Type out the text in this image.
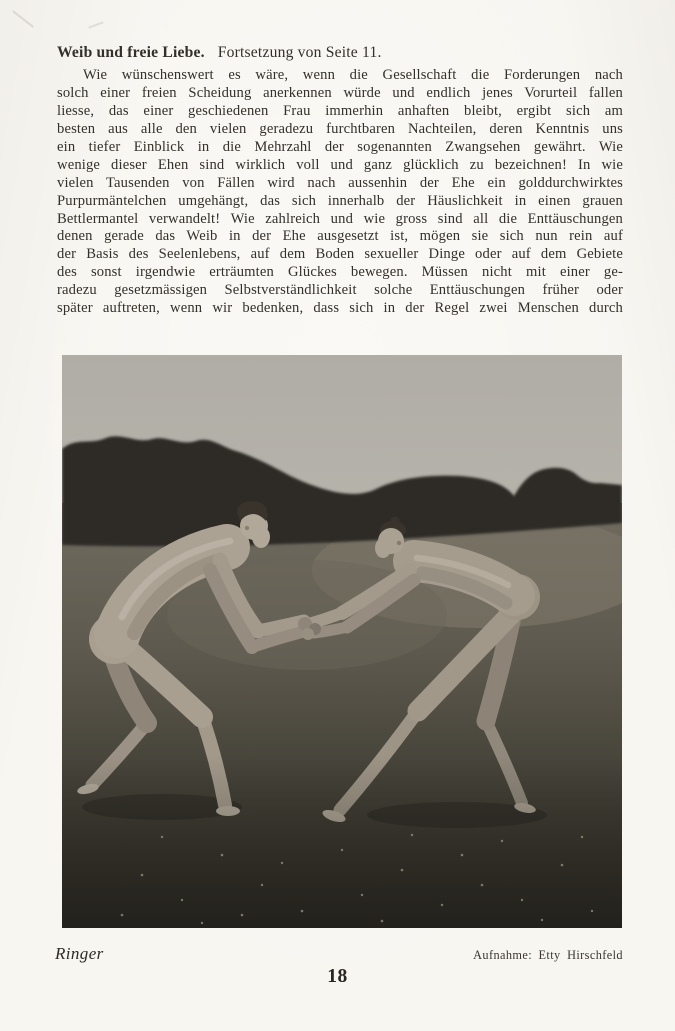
Weib und freie Liebe. Fortsetzung von Seite 11.
Wie wünschenswert es wäre, wenn die Gesellschaft die Forderungen nach
solch einer freien Scheidung anerkennen würde und endlich jenes Vorurteil fallen
liesse, das einer geschiedenen Frau immerhin anhaften bleibt, ergibt sich am
besten aus alle den vielen geradezu furchtbaren Nachteilen, deren Kenntnis uns
ein tiefer Einblick in die Mehrzahl der sogenannten Zwangsehen gewährt. Wie
wenige dieser Ehen sind wirklich voll und ganz glücklich zu bezeichnen! In wie
vielen Tausenden von Fällen wird nach aussenhin der Ehe ein golddurchwirktes
Purpurmäntelchen umgehängt, das sich innerhalb der Häuslichkeit in einen grauen
Bettlermantel verwandelt! Wie zahlreich und wie gross sind all die Enttäuschungen
denen gerade das Weib in der Ehe ausgesetzt ist, mögen sie sich nun rein auf
der Basis des Seelenlebens, auf dem Boden sexueller Dinge oder auf dem Gebiete
des sonst irgendwie erträumten Glückes bewegen. Müssen nicht mit einer ge-
radezu gesetzmässigen Selbstverständlichkeit solche Enttäuschungen früher oder
später auftreten, wenn wir bedenken, dass sich in der Regel zwei Menschen durch
Ringer	Aufnahme: Etty Hirschfeld
18
